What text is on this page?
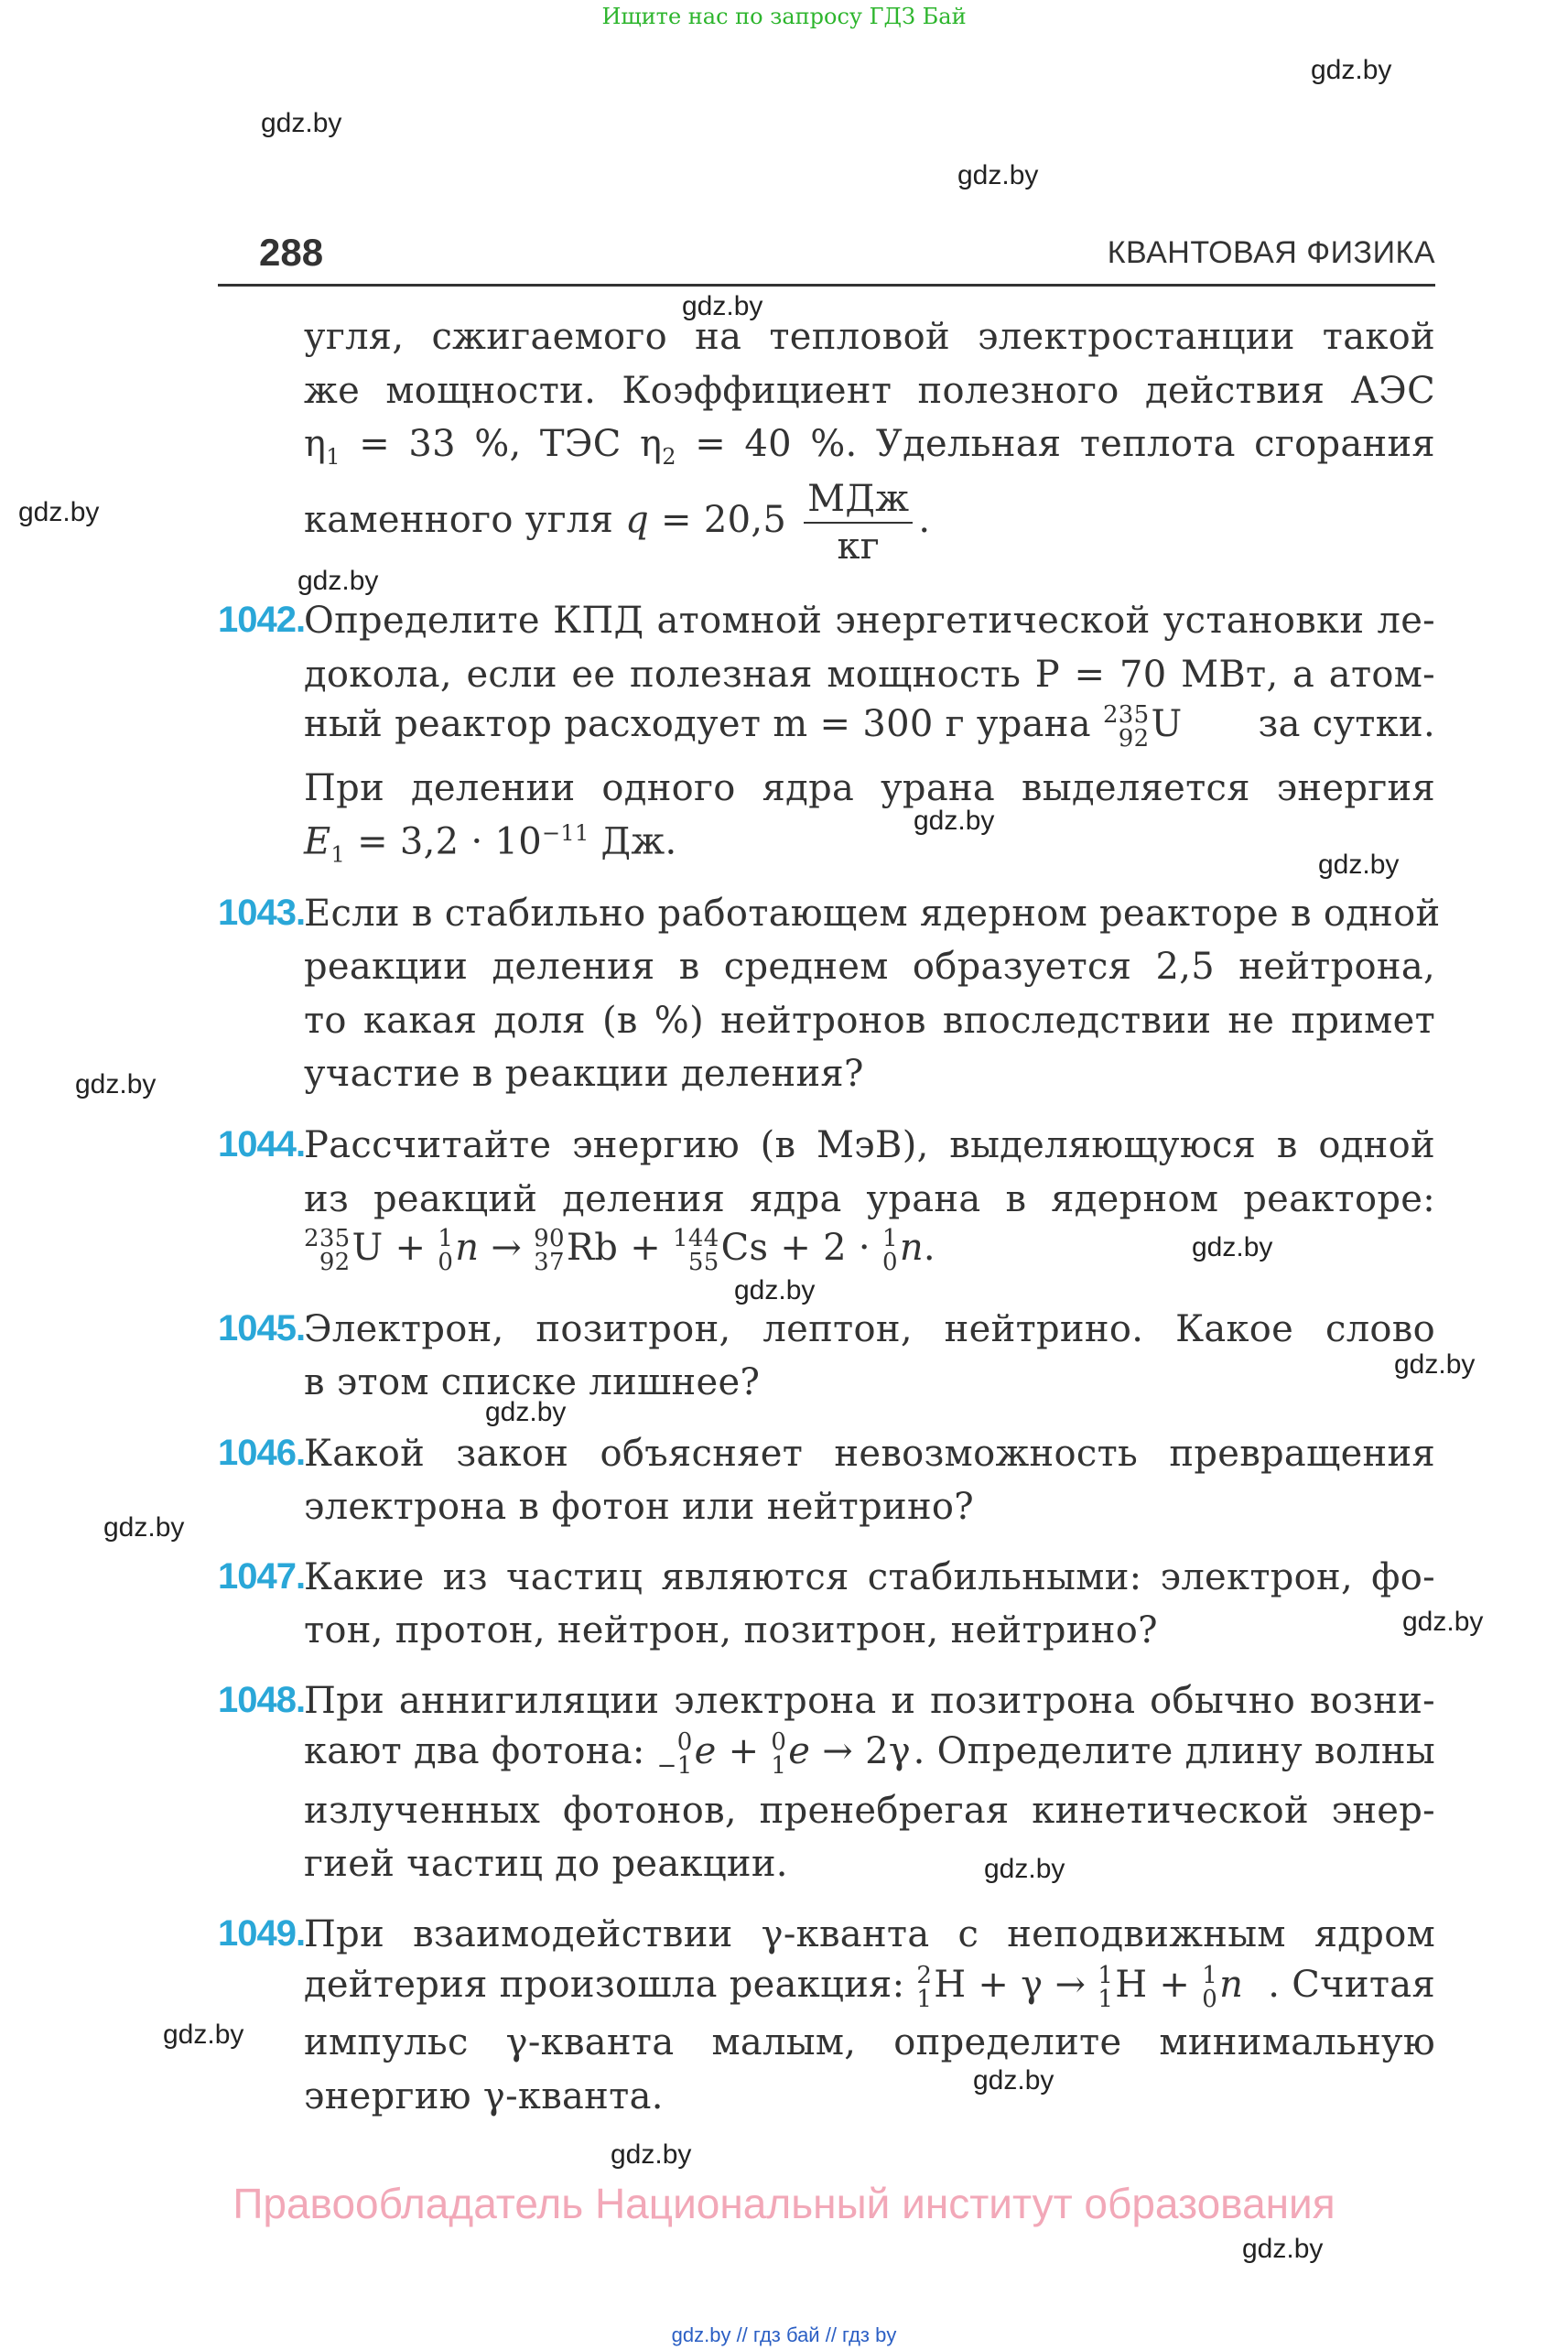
Ищите нас по запросу ГДЗ Бай
gdz.by
gdz.by
gdz.by
gdz.by
gdz.by
gdz.by
gdz.by
gdz.by
gdz.by
gdz.by
gdz.by
gdz.by
gdz.by
gdz.by
gdz.by
gdz.by
gdz.by
gdz.by
gdz.by
gdz.by
288	КВАНТОВАЯ ФИЗИКА
угля, сжигаемого на тепловой электростанции такой
же мощности. Коэффициент полезного действия АЭС
$\eta_1 = 33$ %, ТЭС $\eta_2 = 40$ %. Удельная теплота сгорания
каменного угля $q = 20,5 \frac{\text{МДж}}{кг}$ .
1042.
Определите КПД атомной энергетической установки ле-
докола, если ее полезная мощность P = 70 МВт, а атом-
ный реактор расходует m = 300 г урана 235
92 U за сутки.
При делении одного ядра урана выделяется энергия
$E_1 = 3,2 \cdot 10^{-11}$ Дж.
1043.
Если в стабильно работающем ядерном реакторе в одной
реакции деления в среднем образуется 2,5 нейтрона,
то какая доля (в %) нейтронов впоследствии не примет
участие в реакции деления?
1044.
Рассчитайте энергию (в МэВ), выделяющуюся в одной
из реакций деления ядра урана в ядерном реакторе:
235
92 U + 1
0 n → 90
37 Rb + 144
55 Cs + 2 · 1
0 n.
1045.
Электрон, позитрон, лептон, нейтрино. Какое слово
в этом списке лишнее?
1046.
Какой закон объясняет невозможность превращения
электрона в фотон или нейтрино?
1047.
Какие из частиц являются стабильными: электрон, фо-
тон, протон, нейтрон, позитрон, нейтрино?
1048.
При аннигиляции электрона и позитрона обычно возни-
кают два фотона:	0
−1 e + 0
1 e → 2γ . Определите длину волны
излученных фотонов, пренебрегая кинетической энер-
гией частиц до реакции.
1049.
При взаимодействии γ-кванта с неподвижным ядром
дейтерия произошла реакция: 2
1 H + γ → 1
1 H + 1
0 n . Считая
импульс γ-кванта малым, определите минимальную
энергию γ-кванта.
Правообладатель Национальный институт образования
gdz.by // гдз бай // гдз by
